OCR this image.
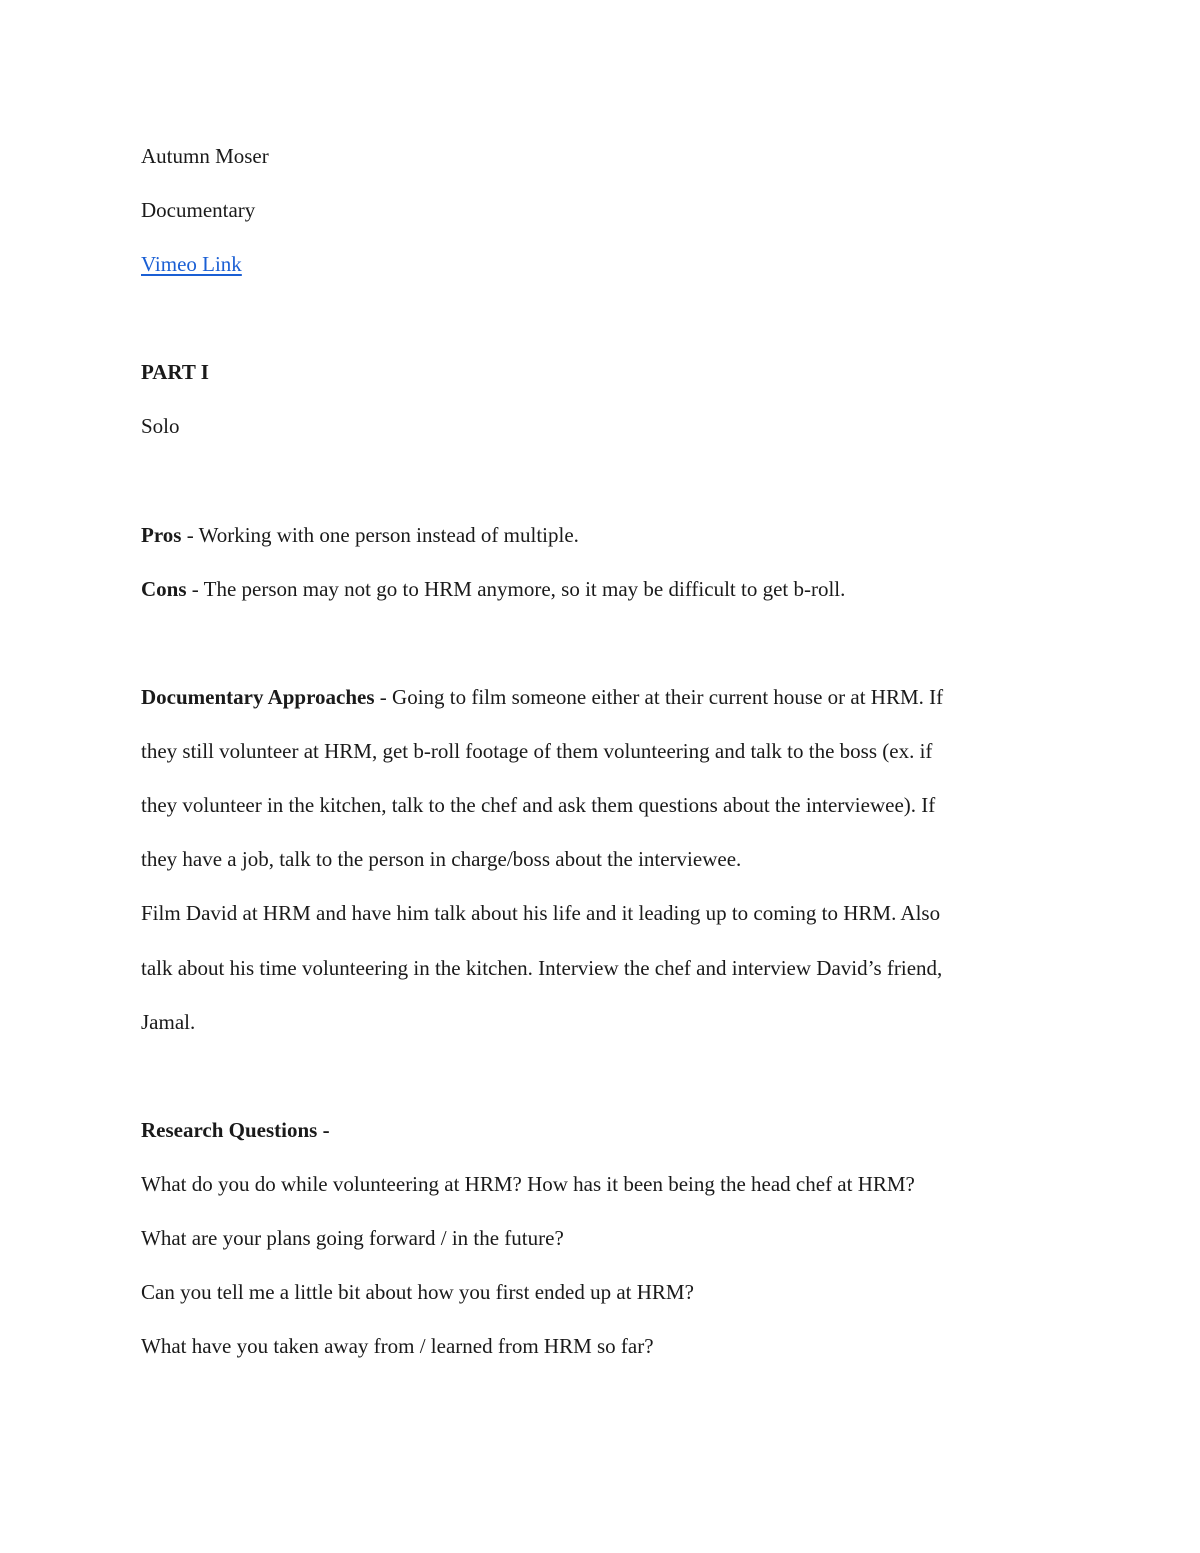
Autumn Moser
Documentary
Vimeo Link
PART I
Solo
Pros - Working with one person instead of multiple.
Cons - The person may not go to HRM anymore, so it may be difficult to get b-roll.
Documentary Approaches - Going to film someone either at their current house or at HRM. If
they still volunteer at HRM, get b-roll footage of them volunteering and talk to the boss (ex. if
they volunteer in the kitchen, talk to the chef and ask them questions about the interviewee). If
they have a job, talk to the person in charge/boss about the interviewee.
Film David at HRM and have him talk about his life and it leading up to coming to HRM. Also
talk about his time volunteering in the kitchen. Interview the chef and interview David’s friend,
Jamal.
Research Questions -
What do you do while volunteering at HRM? How has it been being the head chef at HRM?
What are your plans going forward / in the future?
Can you tell me a little bit about how you first ended up at HRM?
What have you taken away from / learned from HRM so far?
